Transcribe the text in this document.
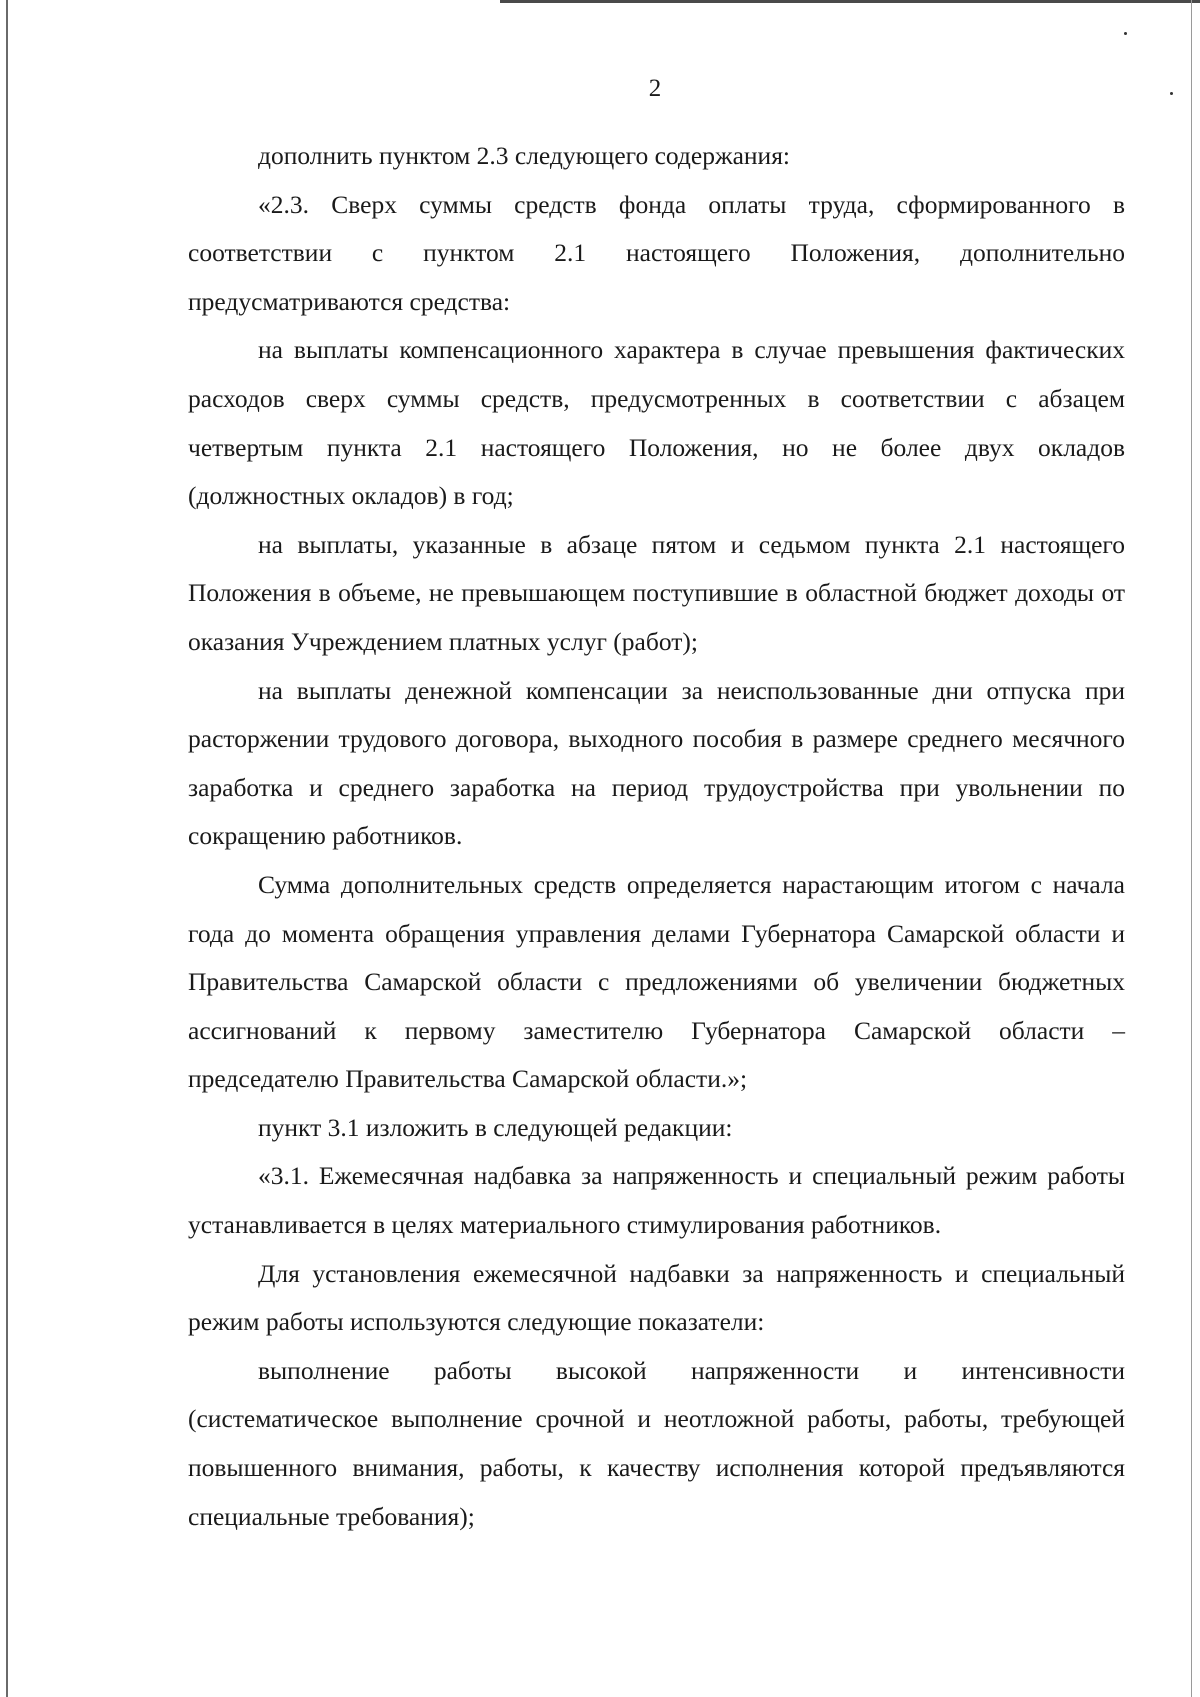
2

дополнить пунктом 2.3 следующего содержания:

«2.3. Сверх суммы средств фонда оплаты труда, сформированного в соответствии с пунктом 2.1 настоящего Положения, дополнительно предусматриваются средства:

на выплаты компенсационного характера в случае превышения фактических расходов сверх суммы средств, предусмотренных в соответствии с абзацем четвертым пункта 2.1 настоящего Положения, но не более двух окладов (должностных окладов) в год;

на выплаты, указанные в абзаце пятом и седьмом пункта 2.1 настоящего Положения в объеме, не превышающем поступившие в областной бюджет доходы от оказания Учреждением платных услуг (работ);

на выплаты денежной компенсации за неиспользованные дни отпуска при расторжении трудового договора, выходного пособия в размере среднего месячного заработка и среднего заработка на период трудоустройства при увольнении по сокращению работников.

Сумма дополнительных средств определяется нарастающим итогом с начала года до момента обращения управления делами Губернатора Самарской области и Правительства Самарской области с предложениями об увеличении бюджетных ассигнований к первому заместителю Губернатора Самарской области – председателю Правительства Самарской области.»;

пункт 3.1 изложить в следующей редакции:

«3.1. Ежемесячная надбавка за напряженность и специальный режим работы устанавливается в целях материального стимулирования работников.

Для установления ежемесячной надбавки за напряженность и специальный режим работы используются следующие показатели:

выполнение работы высокой напряженности и интенсивности (систематическое выполнение срочной и неотложной работы, работы, требующей повышенного внимания, работы, к качеству исполнения которой предъявляются специальные требования);
